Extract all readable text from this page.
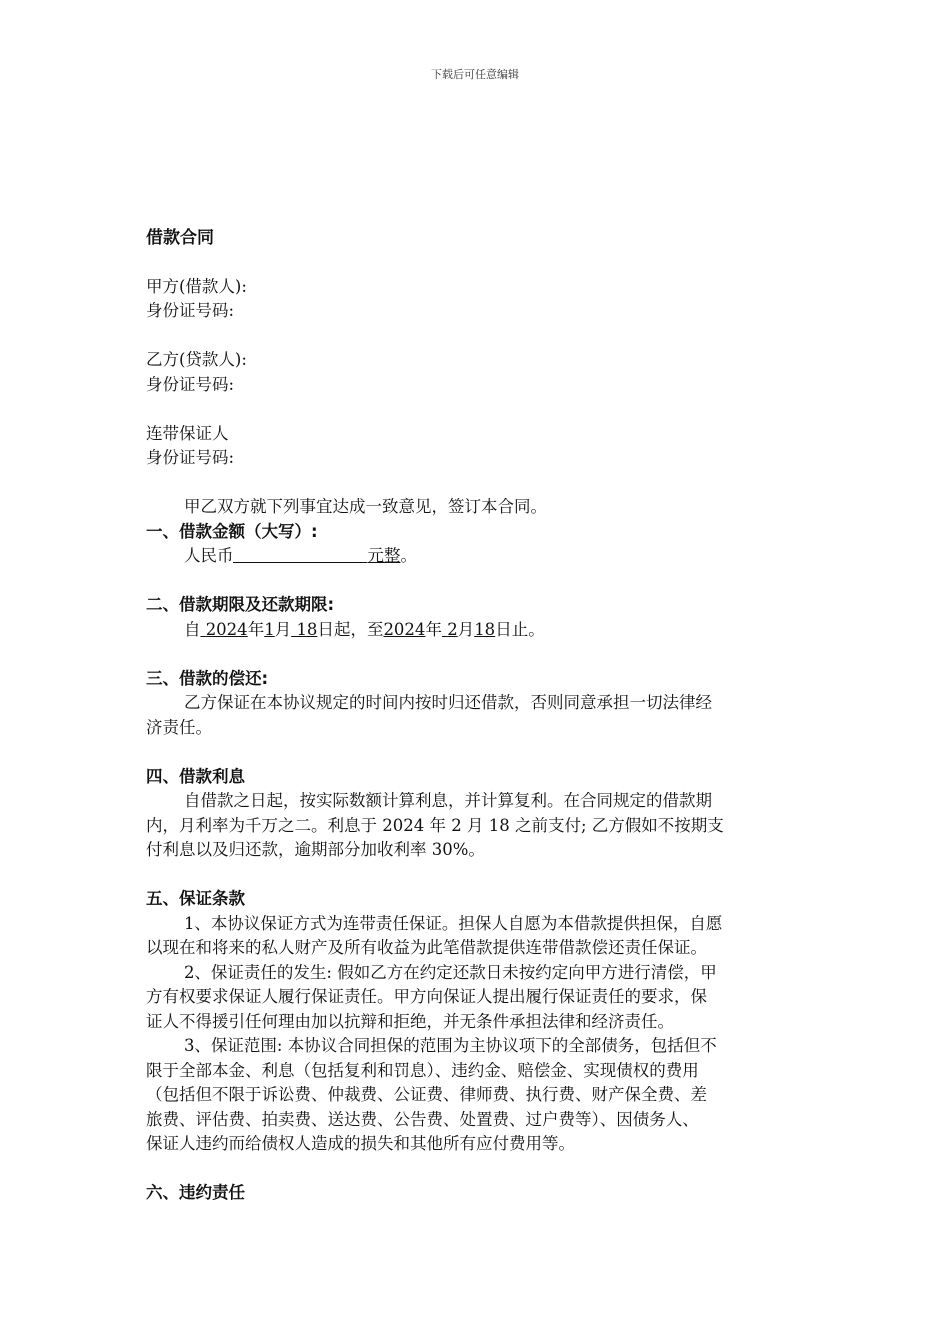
下载后可任意编辑

借款合同

甲方(借款人):

身份证号码:

乙方(贷款人):

身份证号码:

连带保证人

身份证号码:

甲乙双方就下列事宜达成一致意见，签订本合同。

一、借款金额（大写）:

人民币	元整。

二、借款期限及还款期限:

自 2024年1月 18日起，至2024年 2月18日止。

三、借款的偿还:

乙方保证在本协议规定的时间内按时归还借款，否则同意承担一切法律经

济责任。

四、借款利息

自借款之日起，按实际数额计算利息，并计算复利。在合同规定的借款期

内，月利率为千万之二。利息于 2024 年 2 月 18 之前支付; 乙方假如不按期支

付利息以及归还款，逾期部分加收利率 30%。

五、保证条款

1、本协议保证方式为连带责任保证。担保人自愿为本借款提供担保，自愿

以现在和将来的私人财产及所有收益为此笔借款提供连带借款偿还责任保证。

2、保证责任的发生: 假如乙方在约定还款日未按约定向甲方进行清偿，甲

方有权要求保证人履行保证责任。甲方向保证人提出履行保证责任的要求，保

证人不得援引任何理由加以抗辩和拒绝，并无条件承担法律和经济责任。

3、保证范围: 本协议合同担保的范围为主协议项下的全部债务，包括但不

限于全部本金、利息（包括复利和罚息）、违约金、赔偿金、实现债权的费用

（包括但不限于诉讼费、仲裁费、公证费、律师费、执行费、财产保全费、差

旅费、评估费、拍卖费、送达费、公告费、处置费、过户费等）、因债务人、

保证人违约而给债权人造成的损失和其他所有应付费用等。

六、违约责任
